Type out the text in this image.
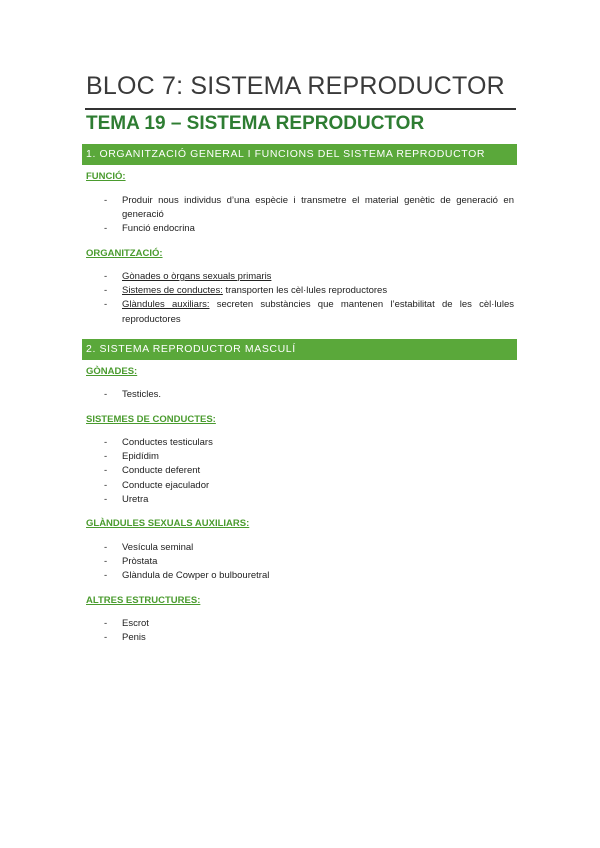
BLOC 7: SISTEMA REPRODUCTOR
TEMA 19 – SISTEMA REPRODUCTOR
1. ORGANITZACIÓ GENERAL I FUNCIONS DEL SISTEMA REPRODUCTOR
FUNCIÓ:
- Produir nous individus d’una espècie i transmetre el material genètic de generació en generació
- Funció endocrina
ORGANITZACIÓ:
- Gònades o òrgans sexuals primaris
- Sistemes de conductes: transporten les cèl·lules reproductores
- Glàndules auxiliars: secreten substàncies que mantenen l’estabilitat de les cèl·lules reproductores
2. SISTEMA REPRODUCTOR MASCULÍ
GÒNADES:
- Testicles.
SISTEMES DE CONDUCTES:
- Conductes testiculars
- Epidídim
- Conducte deferent
- Conducte ejaculador
- Uretra
GLÀNDULES SEXUALS AUXILIARS:
- Vesícula seminal
- Pròstata
- Glàndula de Cowper o bulbouretral
ALTRES ESTRUCTURES:
- Escrot
- Penis
